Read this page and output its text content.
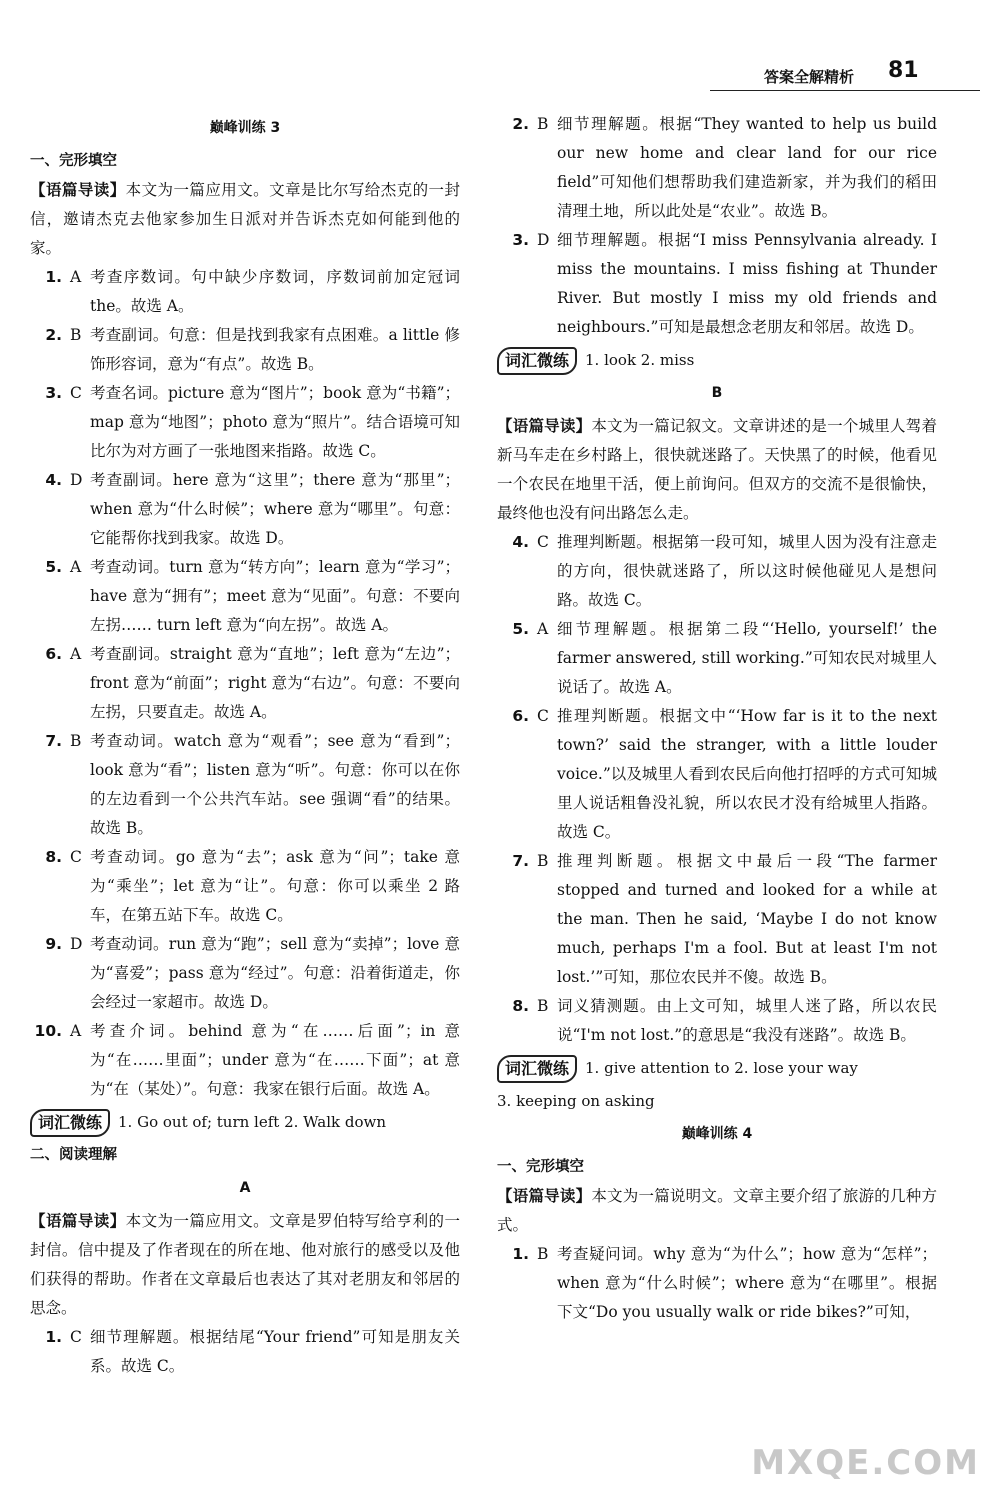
答案全解精析 81
巅峰训练 3
一、完形填空
【语篇导读】本文为一篇应用文。文章是比尔写给杰克的一封信，邀请杰克去他家参加生日派对并告诉杰克如何能到他的家。
1. A 考查序数词。句中缺少序数词，序数词前加定冠词 the。故选 A。
2. B 考查副词。句意：但是找到我家有点困难。a little 修饰形容词，意为“有点”。故选 B。
3. C 考查名词。picture 意为“图片”；book 意为“书籍”；map 意为“地图”；photo 意为“照片”。结合语境可知比尔为对方画了一张地图来指路。故选 C。
4. D 考查副词。here 意为“这里”；there 意为“那里”；when 意为“什么时候”；where 意为“哪里”。句意：它能帮你找到我家。故选 D。
5. A 考查动词。turn 意为“转方向”；learn 意为“学习”；have 意为“拥有”；meet 意为“见面”。句意：不要向左拐…… turn left 意为“向左拐”。故选 A。
6. A 考查副词。straight 意为“直地”；left 意为“左边”；front 意为“前面”；right 意为“右边”。句意：不要向左拐，只要直走。故选 A。
7. B 考查动词。watch 意为“观看”；see 意为“看到”；look 意为“看”；listen 意为“听”。句意：你可以在你的左边看到一个公共汽车站。see 强调“看”的结果。故选 B。
8. C 考查动词。go 意为“去”；ask 意为“问”；take 意为“乘坐”；let 意为“让”。句意：你可以乘坐 2 路车，在第五站下车。故选 C。
9. D 考查动词。run 意为“跑”；sell 意为“卖掉”；love 意为“喜爱”；pass 意为“经过”。句意：沿着街道走，你会经过一家超市。故选 D。
10. A 考查介词。behind 意为“在……后面”；in 意为“在……里面”；under 意为“在……下面”；at 意为“在（某处）”。句意：我家在银行后面。故选 A。
词汇微练	1. Go out of; turn left 2. Walk down
二、阅读理解
A
【语篇导读】本文为一篇应用文。文章是罗伯特写给亨利的一封信。信中提及了作者现在的所在地、他对旅行的感受以及他们获得的帮助。作者在文章最后也表达了其对老朋友和邻居的思念。
1. C 细节理解题。根据结尾“Your friend”可知是朋友关系。故选 C。
2. B 细节理解题。根据“They wanted to help us build our new home and clear land for our rice field”可知他们想帮助我们建造新家，并为我们的稻田清理土地，所以此处是“农业”。故选 B。
3. D 细节理解题。根据“I miss Pennsylvania already. I miss the mountains. I miss fishing at Thunder River. But mostly I miss my old friends and neighbours.”可知是最想念老朋友和邻居。故选 D。
词汇微练	1. look 2. miss
B
【语篇导读】本文为一篇记叙文。文章讲述的是一个城里人驾着新马车走在乡村路上，很快就迷路了。天快黑了的时候，他看见一个农民在地里干活，便上前询问。但双方的交流不是很愉快，最终他也没有问出路怎么走。
4. C 推理判断题。根据第一段可知，城里人因为没有注意走的方向，很快就迷路了，所以这时候他碰见人是想问路。故选 C。
5. A 细节理解题。根据第二段“‘Hello, yourself!’ the farmer answered, still working.”可知农民对城里人说话了。故选 A。
6. C 推理判断题。根据文中“‘How far is it to the next town?’ said the stranger, with a little louder voice.”以及城里人看到农民后向他打招呼的方式可知城里人说话粗鲁没礼貌，所以农民才没有给城里人指路。故选 C。
7. B 推理判断题。根据文中最后一段“The farmer stopped and turned and looked for a while at the man. Then he said, ‘Maybe I do not know much, perhaps I'm a fool. But at least I'm not lost.’”可知，那位农民并不傻。故选 B。
8. B 词义猜测题。由上文可知，城里人迷了路，所以农民说“I'm not lost.”的意思是“我没有迷路”。故选 B。
词汇微练	1. give attention to 2. lose your way
3. keeping on asking
巅峰训练 4
一、完形填空
【语篇导读】本文为一篇说明文。文章主要介绍了旅游的几种方式。
1. B 考查疑问词。why 意为“为什么”；how 意为“怎样”；when 意为“什么时候”；where 意为“在哪里”。根据下文“Do you usually walk or ride bikes?”可知，
MXQE.COM
